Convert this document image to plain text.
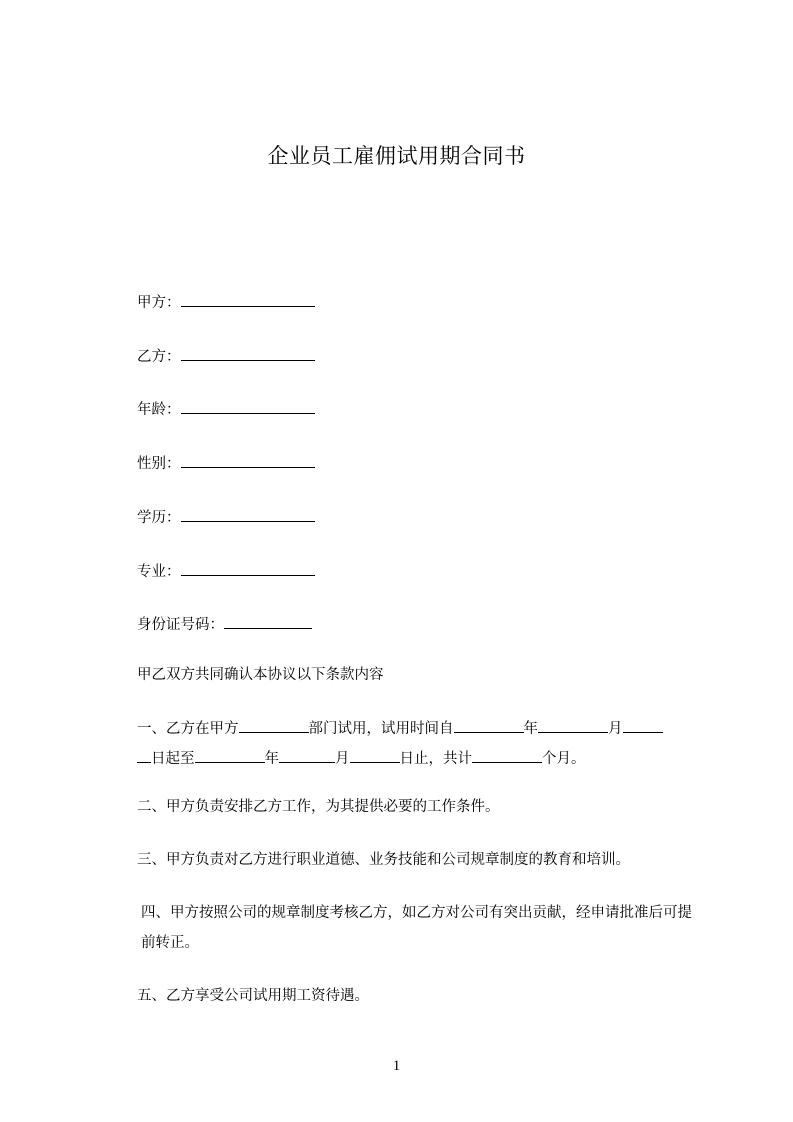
企业员工雇佣试用期合同书
甲方：
乙方：
年龄：
性别：
学历：
专业：
身份证号码：
甲乙双方共同确认本协议以下条款内容
一、乙方在甲方	部门试用，试用时间自	年	月
日起至	年	月	日止，共计	个月。
二、甲方负责安排乙方工作，为其提供必要的工作条件。
三、甲方负责对乙方进行职业道德、业务技能和公司规章制度的教育和培训。
四、甲方按照公司的规章制度考核乙方，如乙方对公司有突出贡献，经申请批准后可提前转正。
五、乙方享受公司试用期工资待遇。
1
